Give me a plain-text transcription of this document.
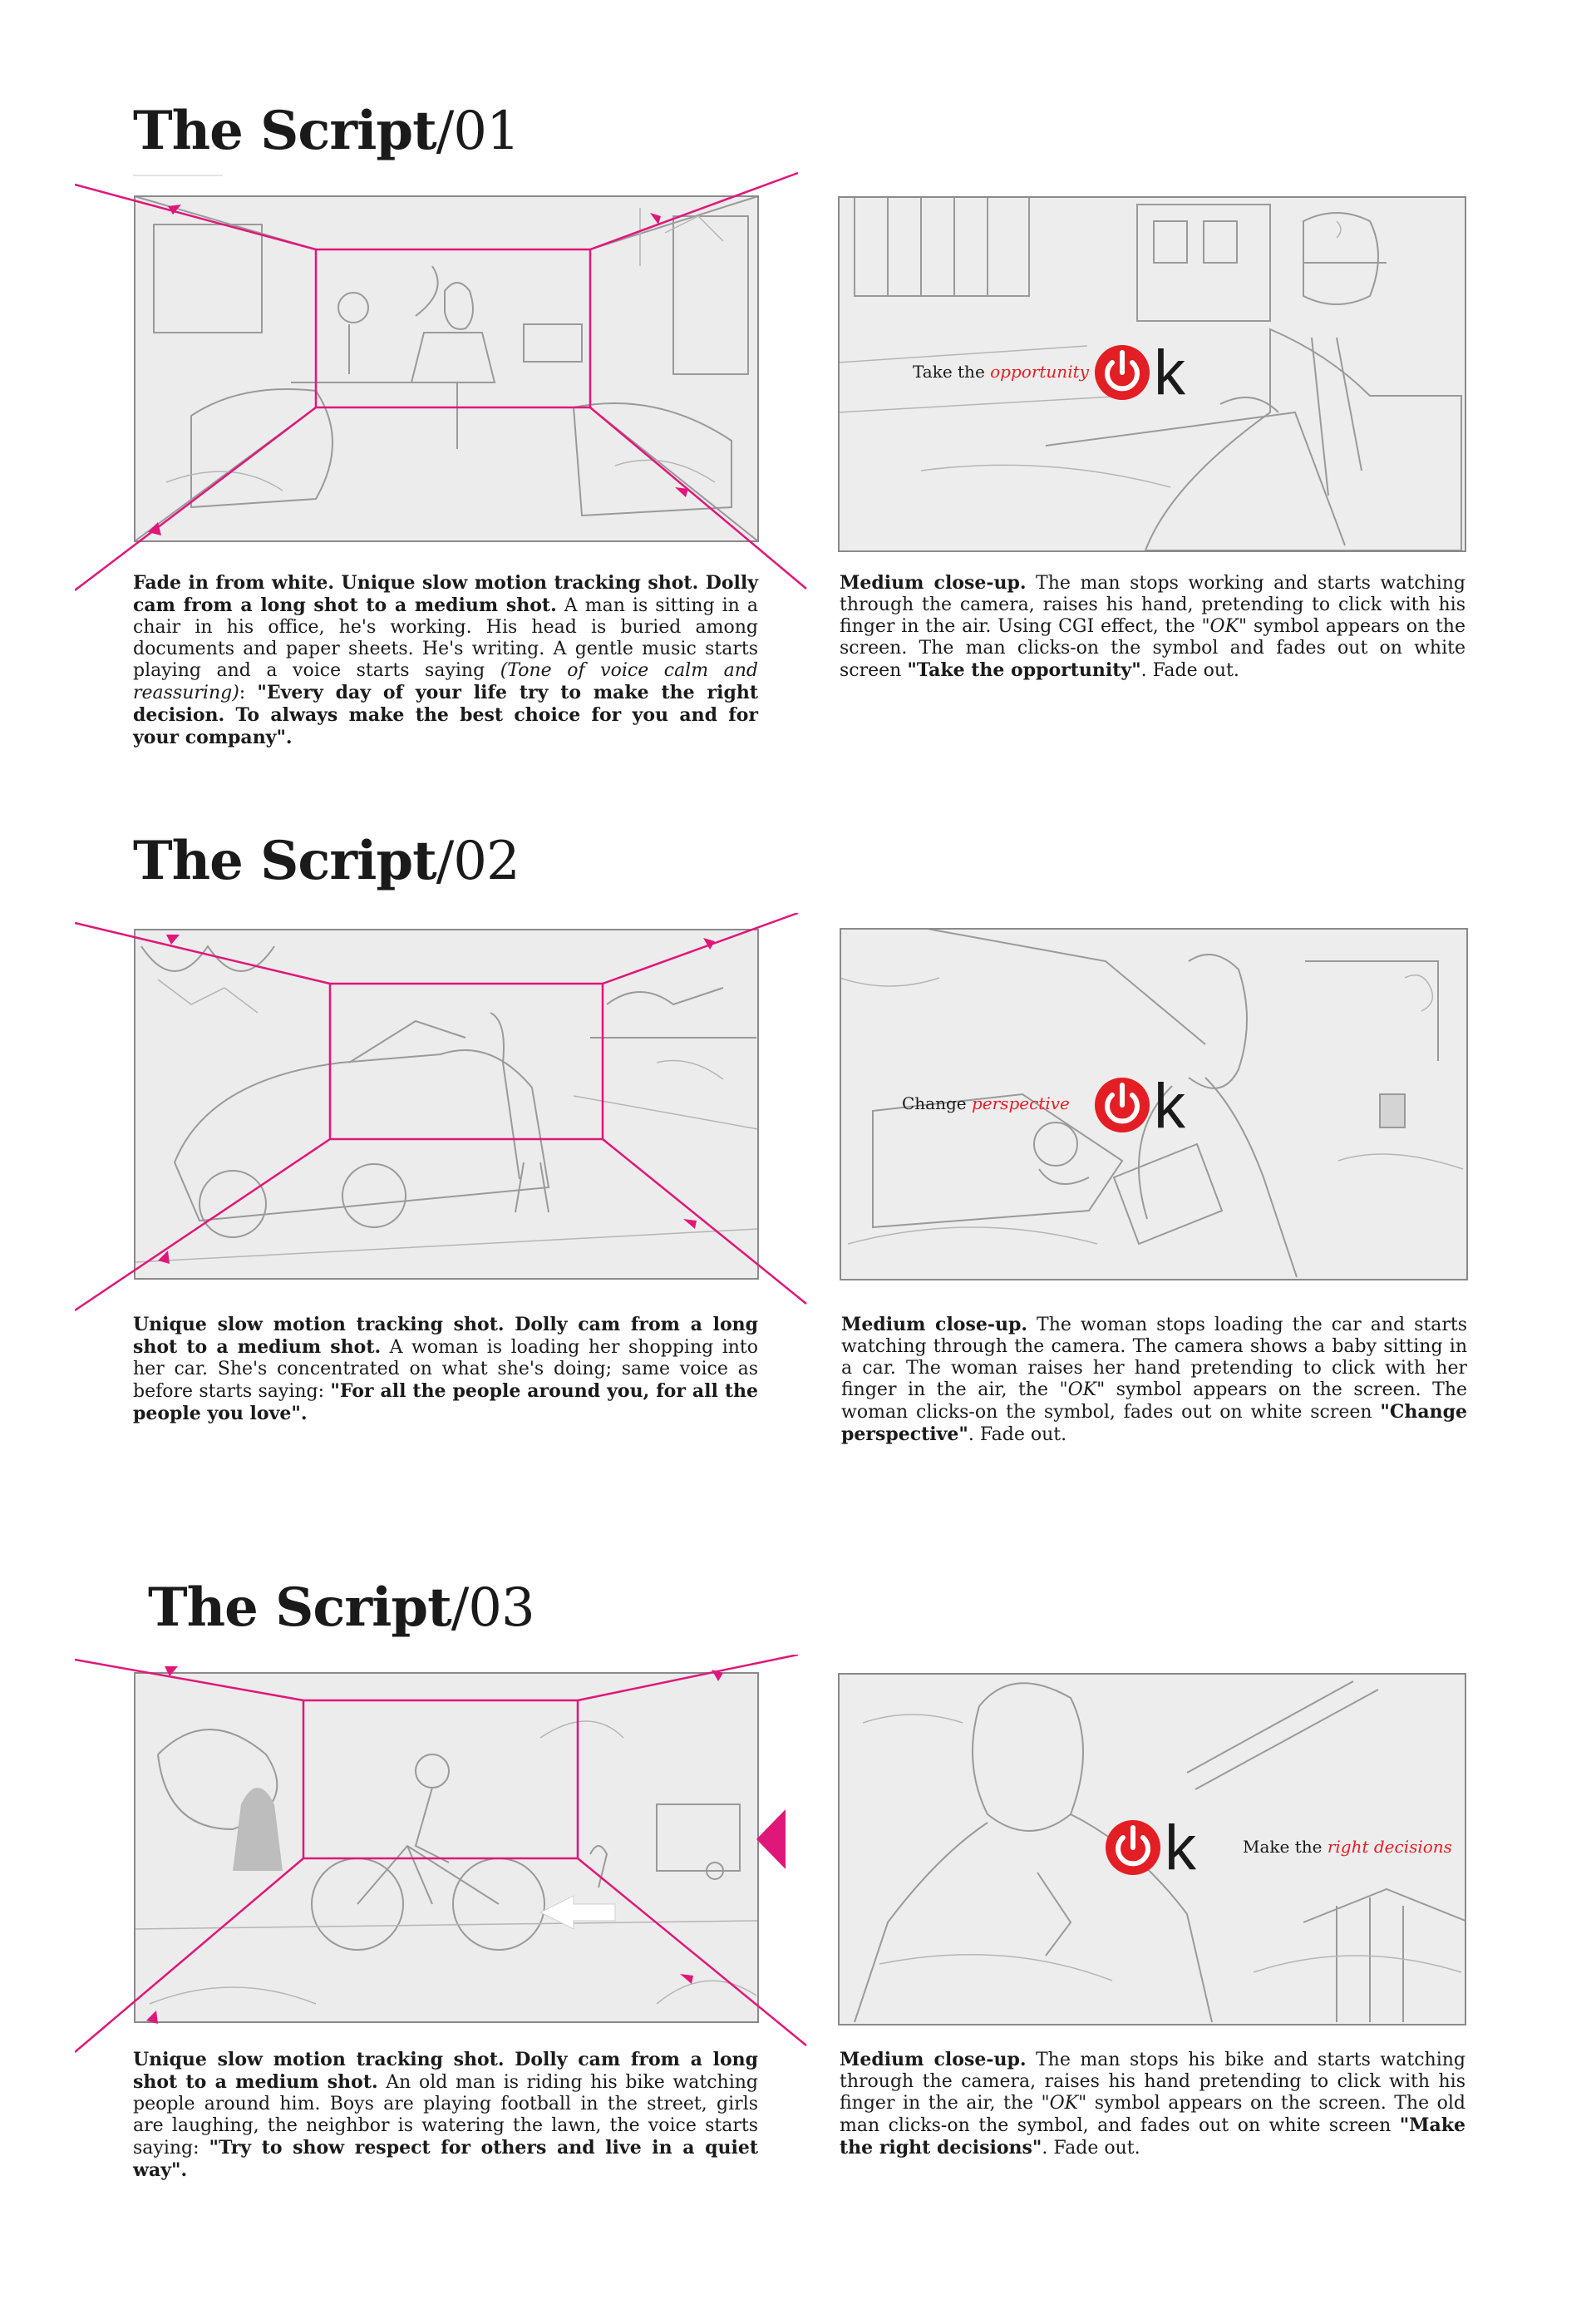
The Script/01
Take the opportunity k

Fade in from white. Unique slow motion tracking shot. Dolly cam from a long shot to a medium shot. A man is sitting in a chair in his office, he's working. His head is buried among documents and paper sheets. He's writing. A gentle music starts playing and a voice starts saying (Tone of voice calm and reassuring): "Every day of your life try to make the right decision. To always make the best choice for you and for your company".

Medium close-up. The man stops working and starts watching through the camera, raises his hand, pretending to click with his finger in the air. Using CGI effect, the "OK" symbol appears on the screen. The man clicks-on the symbol and fades out on white screen "Take the opportunity". Fade out.

The Script/02
Change perspective k

Unique slow motion tracking shot. Dolly cam from a long shot to a medium shot. A woman is loading her shopping into her car. She's concentrated on what she's doing; same voice as before starts saying: "For all the people around you, for all the people you love".

Medium close-up. The woman stops loading the car and starts watching through the camera. The camera shows a baby sitting in a car. The woman raises her hand pretending to click with her finger in the air, the "OK" symbol appears on the screen. The woman clicks-on the symbol, fades out on white screen "Change perspective". Fade out.

The Script/03
k	Make the right decisions

Unique slow motion tracking shot. Dolly cam from a long shot to a medium shot. An old man is riding his bike watching people around him. Boys are playing football in the street, girls are laughing, the neighbor is watering the lawn, the voice starts saying: "Try to show respect for others and live in a quiet way".

Medium close-up. The man stops his bike and starts watching through the camera, raises his hand pretending to click with his finger in the air, the "OK" symbol appears on the screen. The old man clicks-on the symbol, and fades out on white screen "Make the right decisions". Fade out.
